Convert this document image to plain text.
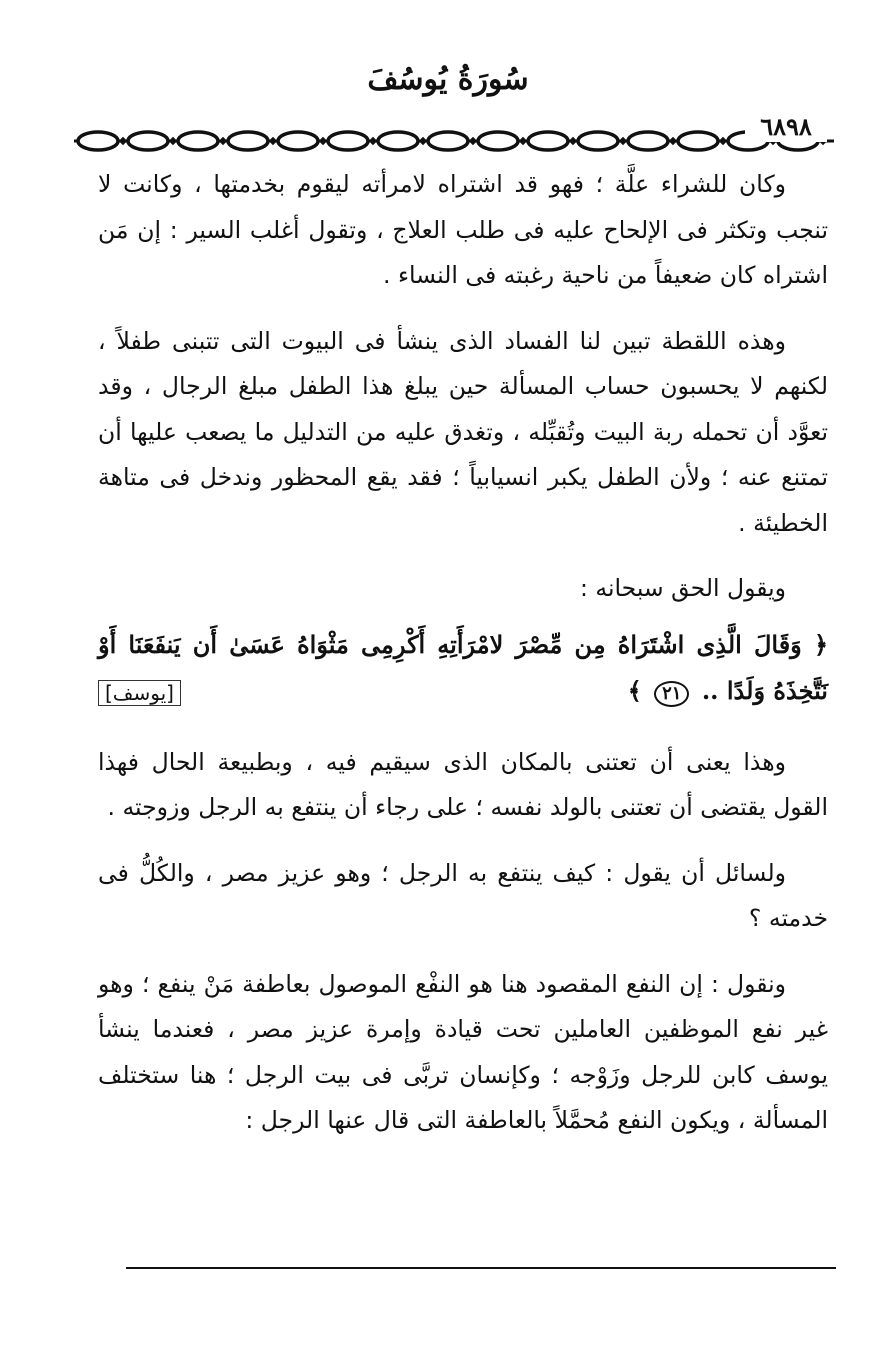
سُورَةُ يُوسُفَ
٦٨٩٨

وكان للشراء علَّة ؛ فهو قد اشتراه لامرأته ليقوم بخدمتها ، وكانت لا تنجب وتكثر فى الإلحاح عليه فى طلب العلاج ، وتقول أغلب السير : إن مَن اشتراه كان ضعيفاً من ناحية رغبته فى النساء .

وهذه اللقطة تبين لنا الفساد الذى ينشأ فى البيوت التى تتبنى طفلاً ، لكنهم لا يحسبون حساب المسألة حين يبلغ هذا الطفل مبلغ الرجال ، وقد تعوَّد أن تحمله ربة البيت وتُقبِّله ، وتغدق عليه من التدليل ما يصعب عليها أن تمتنع عنه ؛ ولأن الطفل يكبر انسيابياً ؛ فقد يقع المحظور وندخل فى متاهة الخطيئة .

ويقول الحق سبحانه :

﴿ وَقَالَ الَّذِى اشْتَرَاهُ مِن مِّصْرَ لامْرَأَتِهِ أَكْرِمِى مَثْوَاهُ عَسَىٰ أَن يَنفَعَنَا أَوْ نَتَّخِذَهُ وَلَدًا .. ٢١ ﴾

[يوسف]

وهذا يعنى أن تعتنى بالمكان الذى سيقيم فيه ، وبطبيعة الحال فهذا القول يقتضى أن تعتنى بالولد نفسه ؛ على رجاء أن ينتفع به الرجل وزوجته .

ولسائل أن يقول : كيف ينتفع به الرجل ؛ وهو عزيز مصر ، والكُلُّ فى خدمته ؟

ونقول : إن النفع المقصود هنا هو النفْع الموصول بعاطفة مَنْ ينفع ؛ وهو غير نفع الموظفين العاملين تحت قيادة وإمرة عزيز مصر ، فعندما ينشأ يوسف كابن للرجل وزَوْجه ؛ وكإنسان تربَّى فى بيت الرجل ؛ هنا ستختلف المسألة ، ويكون النفع مُحمَّلاً بالعاطفة التى قال عنها الرجل :
